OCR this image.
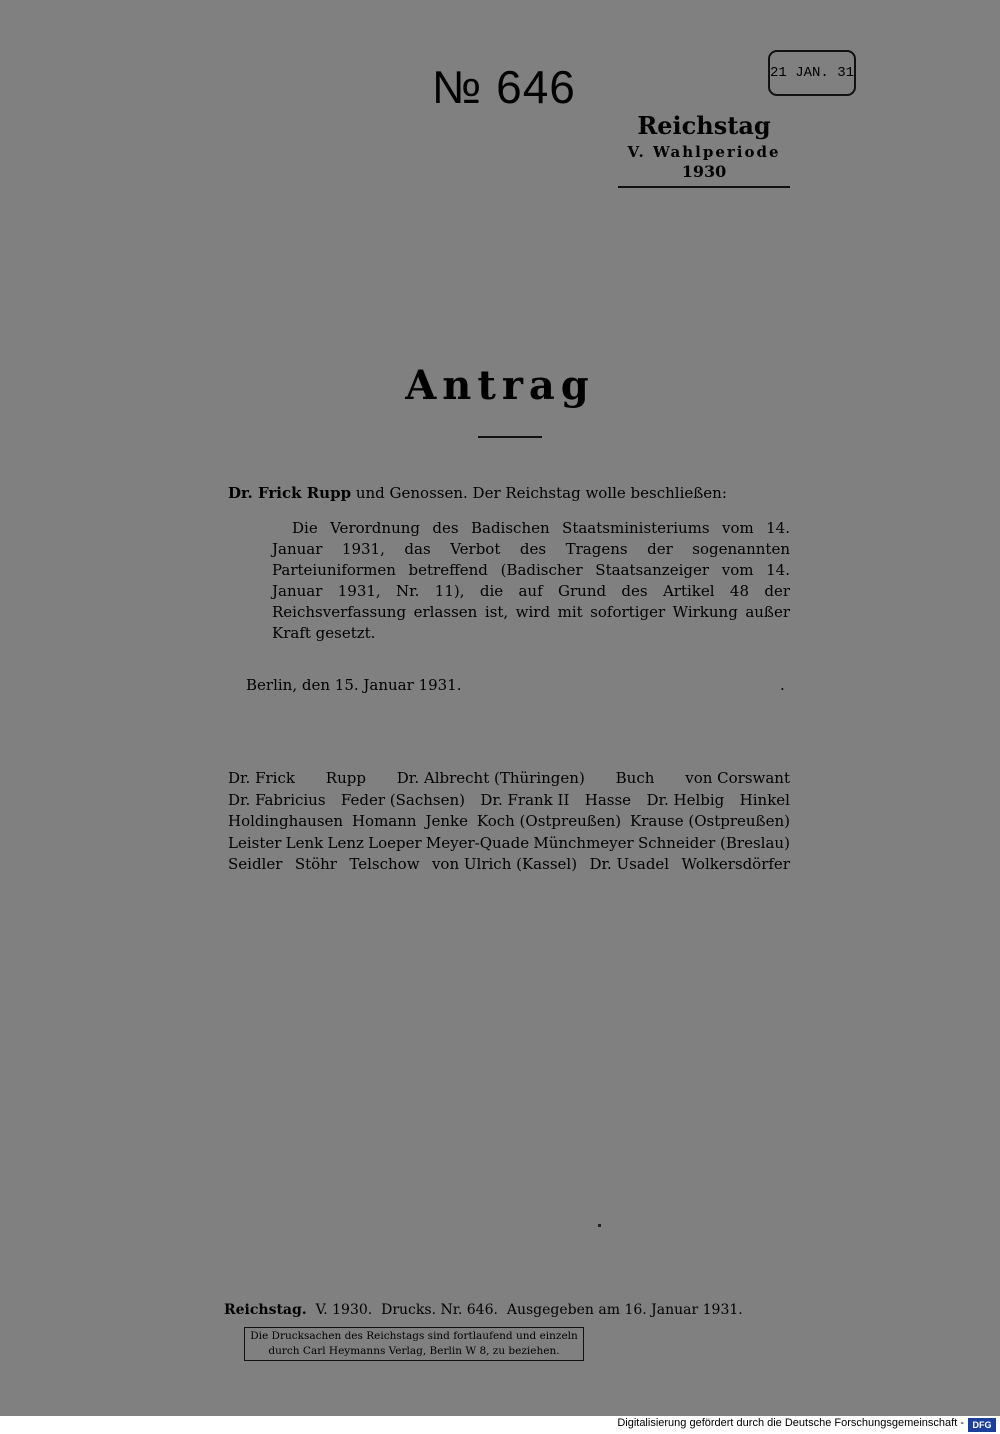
№ 646	21 JAN. 31
Reichstag
V. Wahlperiode
1930
Antrag
Dr. Frick Rupp und Genossen. Der Reichstag wolle beschließen:
Die Verordnung des Badischen Staatsministeriums vom 14. Januar 1931, das Verbot des Tragens der sogenannten Parteiuniformen betreffend (Badischer Staatsanzeiger vom 14. Januar 1931, Nr. 11), die auf Grund des Artikel 48 der Reichsverfassung erlassen ist, wird mit sofortiger Wirkung außer Kraft gesetzt.
Berlin, den 15. Januar 1931.	.
Dr. Frick Rupp Dr. Albrecht (Thüringen) Buch von Corswant
Dr. Fabricius Feder (Sachsen) Dr. Frank II Hasse Dr. Helbig Hinkel
Holdinghausen Homann Jenke Koch (Ostpreußen) Krause (Ostpreußen)
Leister Lenk Lenz Loeper Meyer-Quade Münchmeyer Schneider (Breslau)
Seidler Stöhr Telschow von Ulrich (Kassel) Dr. Usadel Wolkersdörfer
Reichstag. V. 1930. Drucks. Nr. 646. Ausgegeben am 16. Januar 1931.
Die Drucksachen des Reichstags sind fortlaufend und einzeln
durch Carl Heymanns Verlag, Berlin W 8, zu beziehen.
Digitalisierung gefördert durch die Deutsche Forschungsgemeinschaft - DFG
